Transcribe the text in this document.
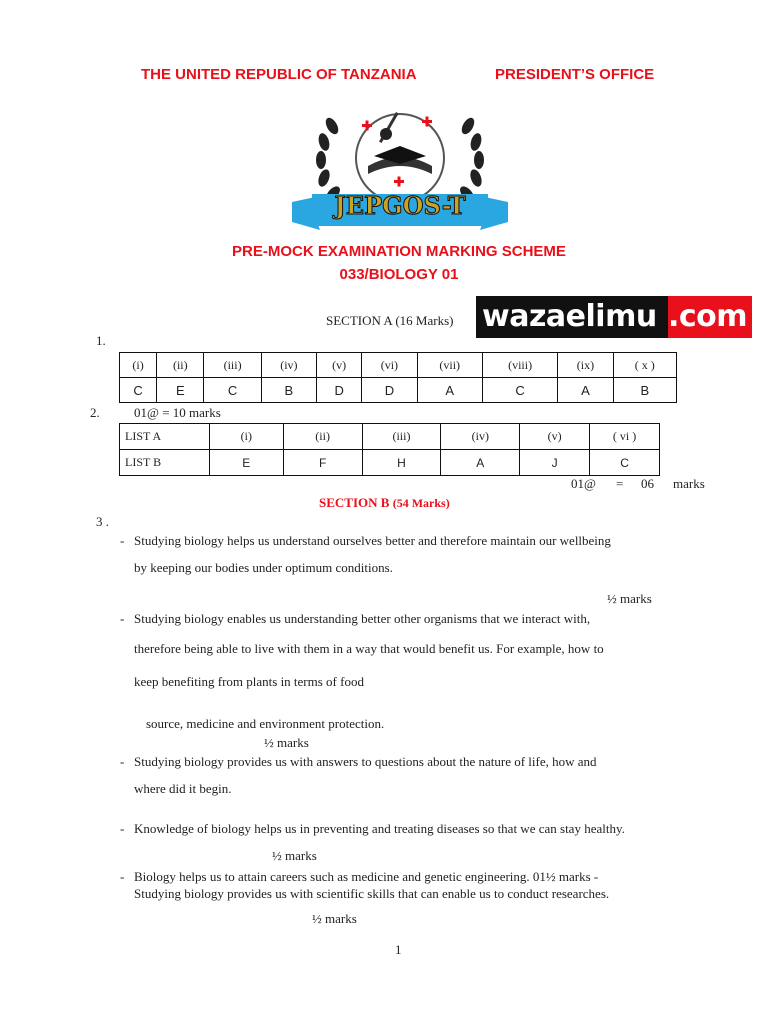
THE UNITED REPUBLIC OF TANZANIA	PRESIDENT’S OFFICE
JEPGOS-T
PRE-MOCK EXAMINATION MARKING SCHEME
033/BIOLOGY 01
SECTION A (16 Marks) wazaelimu .com
1.
(i)	(ii)	(iii)	(iv)	(v)	(vi)	(vii)	(viii)	(ix)	( x )
C	E	C	B	D	D	A	C	A	B
2.	01@ = 10 marks
LIST A	(i)	(ii)	(iii)	(iv)	(v)	( vi )
LIST B	E	F	H	A	J	C
01@ = 06 marks
SECTION B (54 Marks)
3 .
- Studying biology helps us understand ourselves better and therefore maintain our wellbeing
by keeping our bodies under optimum conditions.
½ marks
- Studying biology enables us understanding better other organisms that we interact with,
therefore being able to live with them in a way that would benefit us. For example, how to
keep benefiting from plants in terms of food
source, medicine and environment protection.
½ marks
- Studying biology provides us with answers to questions about the nature of life, how and
where did it begin.
- Knowledge of biology helps us in preventing and treating diseases so that we can stay healthy.
½ marks
- Biology helps us to attain careers such as medicine and genetic engineering. 01½ marks -
Studying biology provides us with scientific skills that can enable us to conduct researches.
½ marks
1
